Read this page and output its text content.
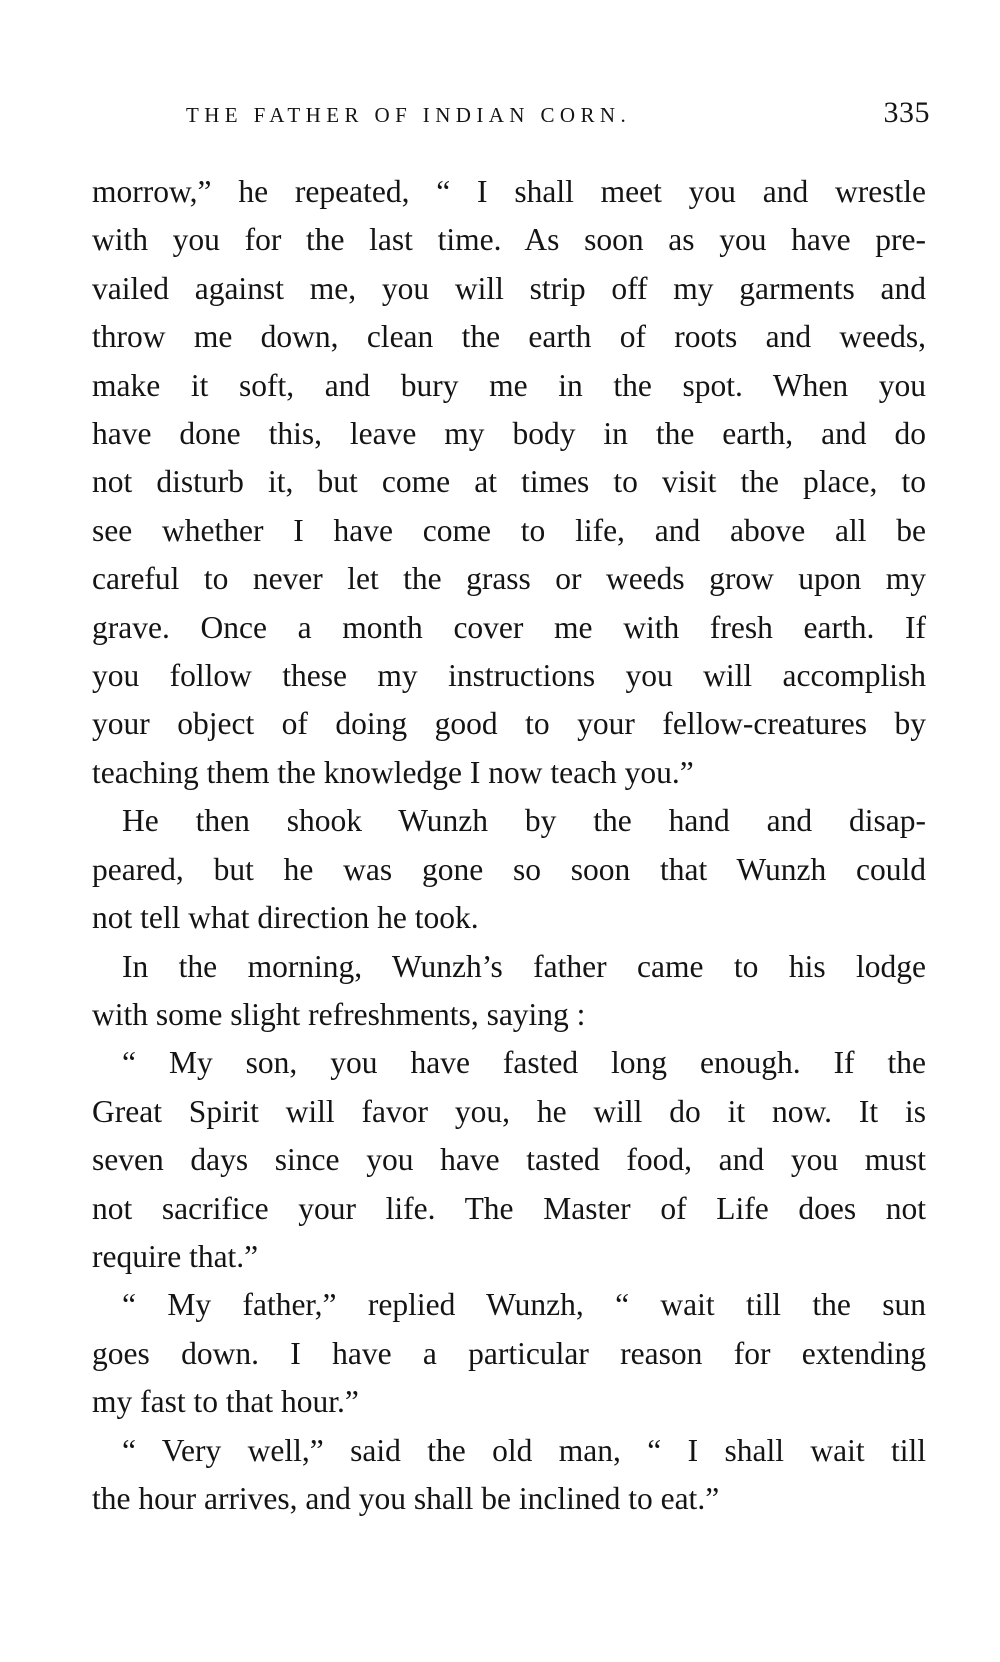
THE FATHER OF INDIAN CORN.	335
morrow,” he repeated, “ I shall meet you and wrestle
with you for the last time. As soon as you have pre-
vailed against me, you will strip off my garments and
throw me down, clean the earth of roots and weeds,
make it soft, and bury me in the spot. When you
have done this, leave my body in the earth, and do
not disturb it, but come at times to visit the place, to
see whether I have come to life, and above all be
careful to never let the grass or weeds grow upon my
grave. Once a month cover me with fresh earth. If
you follow these my instructions you will accomplish
your object of doing good to your fellow-creatures by
teaching them the knowledge I now teach you.”
He then shook Wunzh by the hand and disap-
peared, but he was gone so soon that Wunzh could
not tell what direction he took.
In the morning, Wunzh’s father came to his lodge
with some slight refreshments, saying :
“ My son, you have fasted long enough. If the
Great Spirit will favor you, he will do it now. It is
seven days since you have tasted food, and you must
not sacrifice your life. The Master of Life does not
require that.”
“ My father,” replied Wunzh, “ wait till the sun
goes down. I have a particular reason for extending
my fast to that hour.”
“ Very well,” said the old man, “ I shall wait till
the hour arrives, and you shall be inclined to eat.”
